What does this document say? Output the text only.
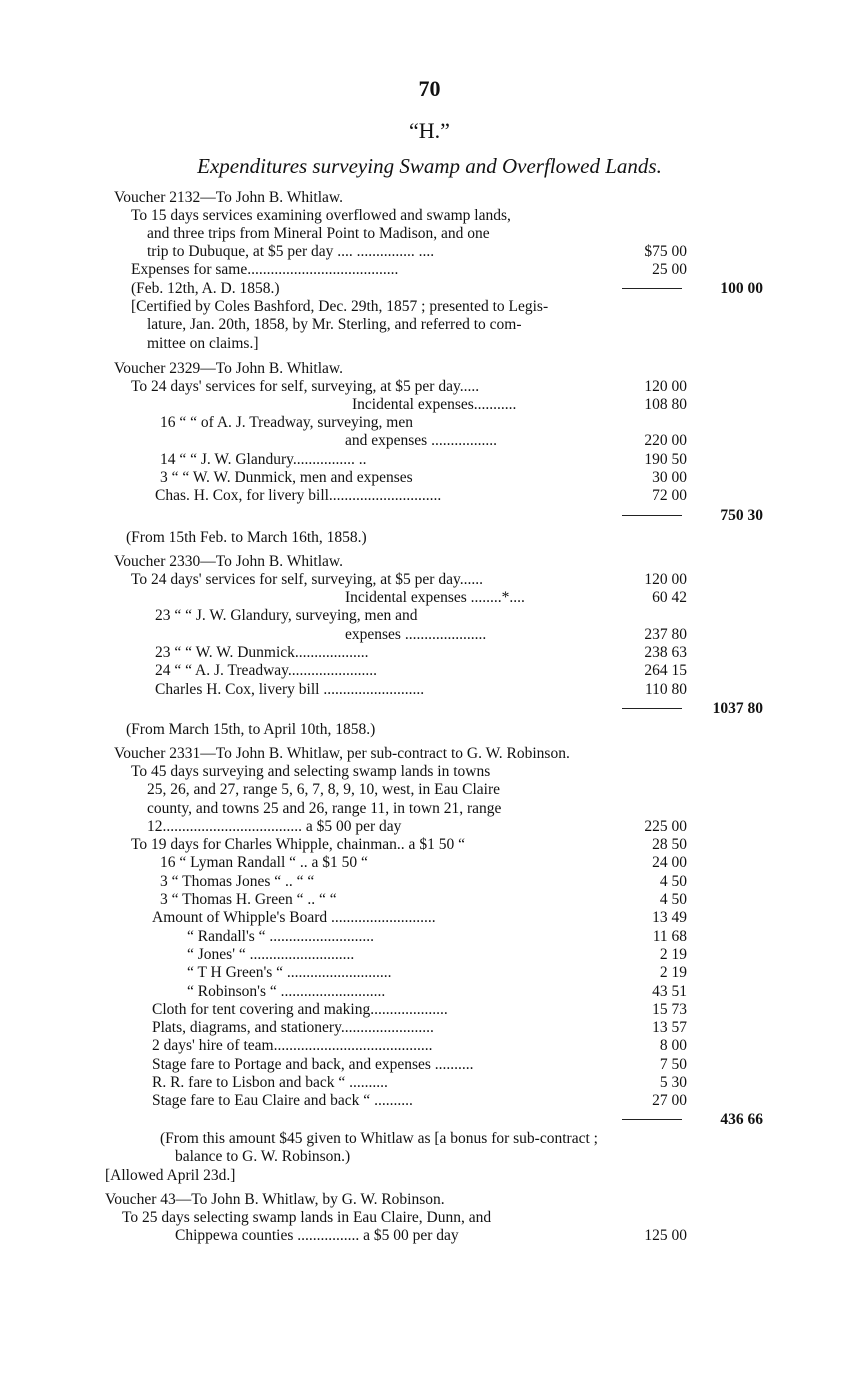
70
“H.”
Expenditures surveying Swamp and Overflowed Lands.
Voucher 2132—To John B. Whitlaw.
To 15 days services examining overflowed and swamp lands,
and three trips from Mineral Point to Madison, and one
trip to Dubuque, at $5 per day .... ............... ....	$75 00
Expenses for same.......................................	25 00
(Feb. 12th, A. D. 1858.)	100 00
[Certified by Coles Bashford, Dec. 29th, 1857 ; presented to Legis-
lature, Jan. 20th, 1858, by Mr. Sterling, and referred to com-
mittee on claims.]
Voucher 2329—To John B. Whitlaw.
To 24 days' services for self, surveying, at $5 per day.....	120 00
Incidental expenses...........	108 80
16 “ “ of A. J. Treadway, surveying, men
and expenses .................	220 00
14 “ “ J. W. Glandury................ ..	190 50
3 “ “ W. W. Dunmick, men and expenses	30 00
Chas. H. Cox, for livery bill.............................	72 00
750 30
(From 15th Feb. to March 16th, 1858.)
Voucher 2330—To John B. Whitlaw.
To 24 days' services for self, surveying, at $5 per day......	120 00
Incidental expenses ........*....	60 42
23 “ “ J. W. Glandury, surveying, men and
expenses .....................	237 80
23 “ “ W. W. Dunmick...................	238 63
24 “ “ A. J. Treadway.......................	264 15
Charles H. Cox, livery bill ..........................	110 80
1037 80
(From March 15th, to April 10th, 1858.)
Voucher 2331—To John B. Whitlaw, per sub-contract to G. W. Robinson.
To 45 days surveying and selecting swamp lands in towns
25, 26, and 27, range 5, 6, 7, 8, 9, 10, west, in Eau Claire
county, and towns 25 and 26, range 11, in town 21, range
12.................................... a $5 00 per day	225 00
To 19 days for Charles Whipple, chainman.. a $1 50 “	28 50
16 “ Lyman Randall “ .. a $1 50 “	24 00
3 “ Thomas Jones “ .. “ “	4 50
3 “ Thomas H. Green “ .. “ “	4 50
Amount of Whipple's Board ...........................	13 49
“ Randall's “ ...........................	11 68
“ Jones' “ ...........................	2 19
“ T H Green's “ ...........................	2 19
“ Robinson's “ ...........................	43 51
Cloth for tent covering and making....................	15 73
Plats, diagrams, and stationery........................	13 57
2 days' hire of team.........................................	8 00
Stage fare to Portage and back, and expenses ..........	7 50
R. R. fare to Lisbon and back “ ..........	5 30
Stage fare to Eau Claire and back “ ..........	27 00
436 66
(From this amount $45 given to Whitlaw as [a bonus for sub-contract ;
balance to G. W. Robinson.)
[Allowed April 23d.]
Voucher 43—To John B. Whitlaw, by G. W. Robinson.
To 25 days selecting swamp lands in Eau Claire, Dunn, and
Chippewa counties ................ a $5 00 per day	125 00
